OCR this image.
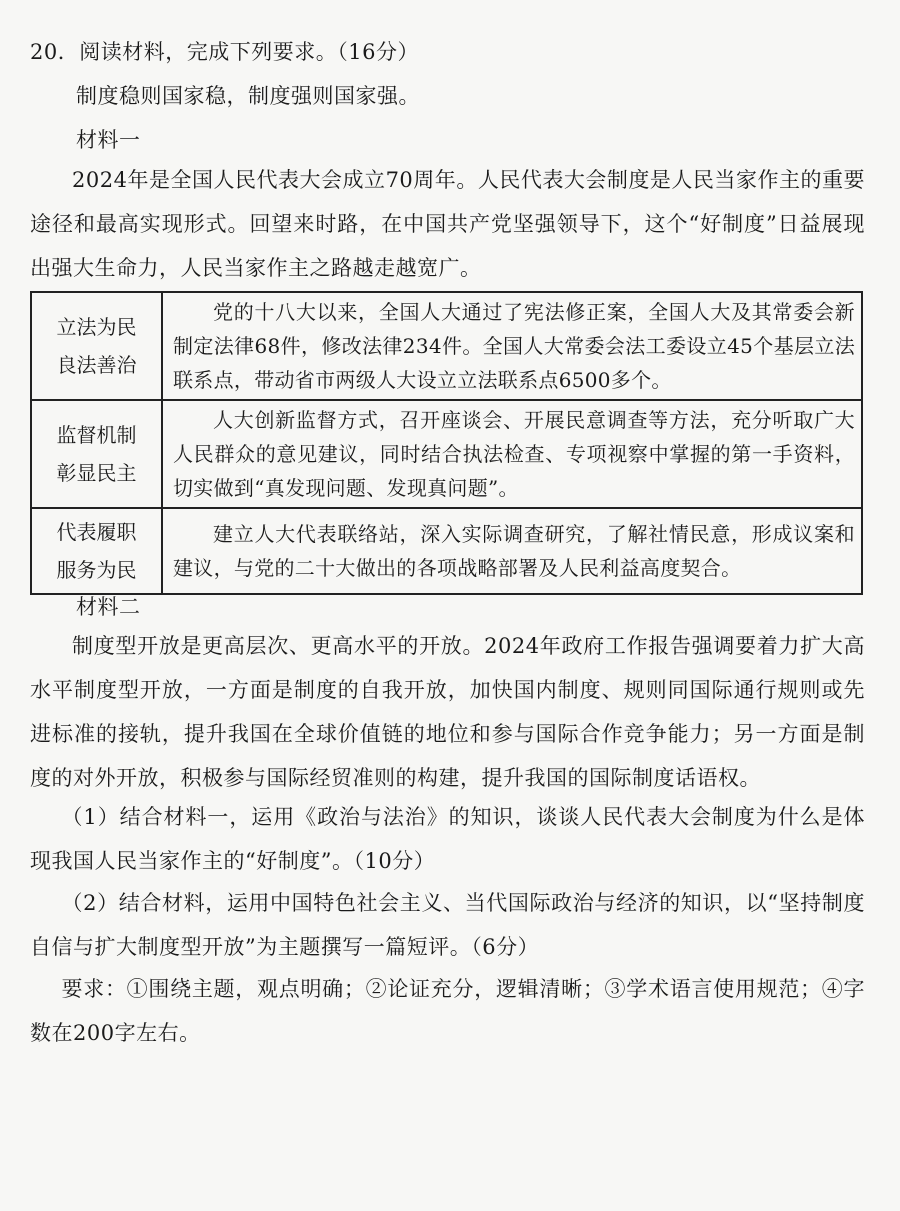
20．阅读材料，完成下列要求。（16分）
制度稳则国家稳，制度强则国家强。
材料一
2024年是全国人民代表大会成立70周年。人民代表大会制度是人民当家作主的重要途径和最高实现形式。回望来时路，在中国共产党坚强领导下，这个“好制度”日益展现出强大生命力，人民当家作主之路越走越宽广。
立法为民
良法善治	党的十八大以来，全国人大通过了宪法修正案，全国人大及其常委会新制定法律68件，修改法律234件。全国人大常委会法工委设立45个基层立法联系点，带动省市两级人大设立立法联系点6500多个。

监督机制
彰显民主	人大创新监督方式，召开座谈会、开展民意调查等方法，充分听取广大人民群众的意见建议，同时结合执法检查、专项视察中掌握的第一手资料，切实做到“真发现问题、发现真问题”。

代表履职
服务为民	建立人大代表联络站，深入实际调查研究，了解社情民意，形成议案和建议，与党的二十大做出的各项战略部署及人民利益高度契合。
材料二
制度型开放是更高层次、更高水平的开放。2024年政府工作报告强调要着力扩大高水平制度型开放，一方面是制度的自我开放，加快国内制度、规则同国际通行规则或先进标准的接轨，提升我国在全球价值链的地位和参与国际合作竞争能力；另一方面是制度的对外开放，积极参与国际经贸准则的构建，提升我国的国际制度话语权。
（1）结合材料一，运用《政治与法治》的知识，谈谈人民代表大会制度为什么是体现我国人民当家作主的“好制度”。（10分）
（2）结合材料，运用中国特色社会主义、当代国际政治与经济的知识，以“坚持制度自信与扩大制度型开放”为主题撰写一篇短评。（6分）
要求：①围绕主题，观点明确；②论证充分，逻辑清晰；③学术语言使用规范；④字数在200字左右。
